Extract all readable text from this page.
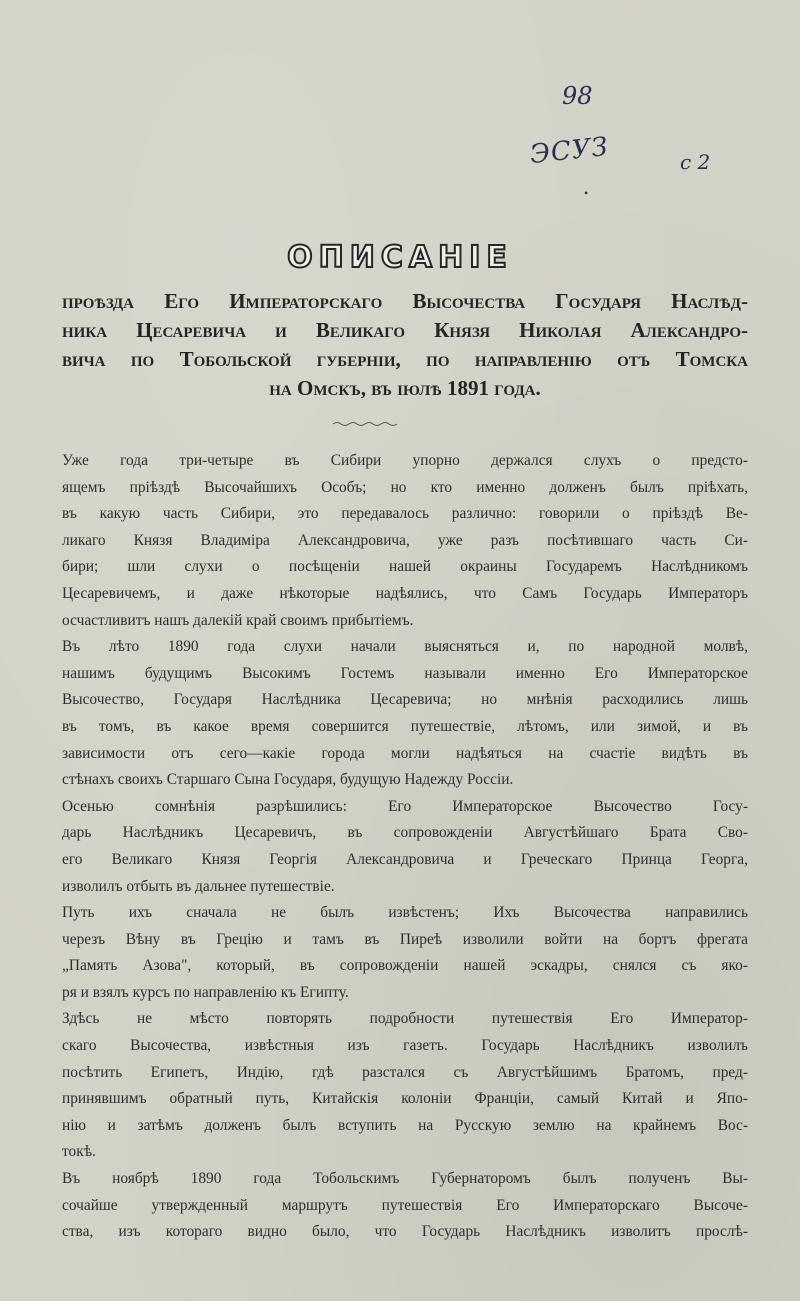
98
ЭСУЗ	с 2
•
ОПИСАНІЕ
проѣзда Его Императорскаго Высочества Государя Наслѣд-
ника Цесаревича и Великаго Князя Николая Александро-
вича по Тобольской губерніи, по направленію отъ Томска
на Омскъ, въ іюлѣ 1891 года.
Уже года три-четыре въ Сибири упорно держался слухъ о предсто-
ящемъ пріѣздѣ Высочайшихъ Особъ; но кто именно долженъ былъ пріѣхать,
въ какую часть Сибири, это передавалось различно: говорили о пріѣздѣ Ве-
ликаго Князя Владиміра Александровича, уже разъ посѣтившаго часть Си-
бири; шли слухи о посѣщеніи нашей окраины Государемъ Наслѣдникомъ
Цесаревичемъ, и даже нѣкоторые надѣялись, что Самъ Государь Императоръ
осчастливитъ нашъ далекій край своимъ прибытіемъ.
Въ лѣто 1890 года слухи начали выясняться и, по народной молвѣ,
нашимъ будущимъ Высокимъ Гостемъ называли именно Его Императорское
Высочество, Государя Наслѣдника Цесаревича; но мнѣнія расходились лишь
въ томъ, въ какое время совершится путешествіе, лѣтомъ, или зимой, и въ
зависимости отъ сего—какіе города могли надѣяться на счастіе видѣть въ
стѣнахъ своихъ Старшаго Сына Государя, будущую Надежду Россіи.
Осенью сомнѣнія разрѣшились: Его Императорское Высочество Госу-
дарь Наслѣдникъ Цесаревичъ, въ сопровожденіи Августѣйшаго Брата Сво-
его Великаго Князя Георгія Александровича и Греческаго Принца Георга,
изволилъ отбыть въ дальнее путешествіе.
Путь ихъ сначала не былъ извѣстенъ; Ихъ Высочества направились
черезъ Вѣну въ Грецію и тамъ въ Пиреѣ изволили войти на бортъ фрегата
„Память Азова", который, въ сопровожденіи нашей эскадры, снялся съ яко-
ря и взялъ курсъ по направленію къ Египту.
Здѣсь не мѣсто повторять подробности путешествія Его Император-
скаго Высочества, извѣстныя изъ газетъ. Государь Наслѣдникъ изволилъ
посѣтить Египетъ, Индію, гдѣ разстался съ Августѣйшимъ Братомъ, пред-
принявшимъ обратный путь, Китайскія колоніи Франціи, самый Китай и Япо-
нію и затѣмъ долженъ былъ вступить на Русскую землю на крайнемъ Вос-
токѣ.
Въ ноябрѣ 1890 года Тобольскимъ Губернаторомъ былъ полученъ Вы-
сочайше утвержденный маршрутъ путешествія Его Императорскаго Высоче-
ства, изъ котораго видно было, что Государь Наслѣдникъ изволитъ прослѣ-
